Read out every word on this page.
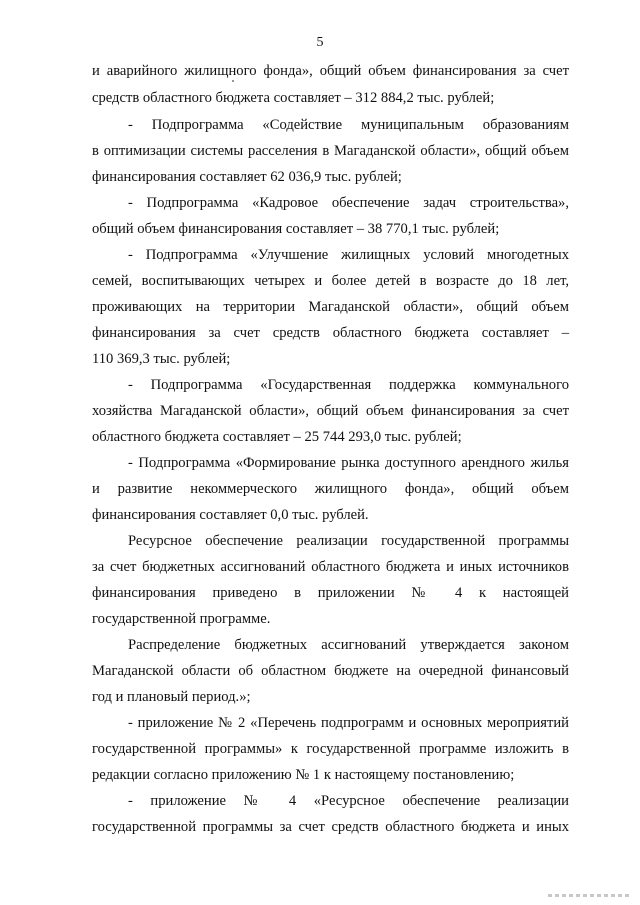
5
и аварийного жилищного фонда», общий объем финансирования за счет
средств областного бюджета составляет – 312 884,2 тыс. рублей;
- Подпрограмма «Содействие муниципальным образованиям
в оптимизации системы расселения в Магаданской области», общий объем
финансирования составляет 62 036,9 тыс. рублей;
- Подпрограмма «Кадровое обеспечение задач строительства»,
общий объем финансирования составляет – 38 770,1 тыс. рублей;
- Подпрограмма «Улучшение жилищных условий многодетных
семей, воспитывающих четырех и более детей в возрасте до 18 лет,
проживающих на территории Магаданской области», общий объем
финансирования за счет средств областного бюджета составляет –
110 369,3 тыс. рублей;
- Подпрограмма «Государственная поддержка коммунального
хозяйства Магаданской области», общий объем финансирования за счет
областного бюджета составляет – 25 744 293,0 тыс. рублей;
- Подпрограмма «Формирование рынка доступного арендного жилья
и развитие некоммерческого жилищного фонда», общий объем
финансирования составляет 0,0 тыс. рублей.
Ресурсное обеспечение реализации государственной программы
за счет бюджетных ассигнований областного бюджета и иных источников
финансирования приведено в приложении № 4 к настоящей
государственной программе.
Распределение бюджетных ассигнований утверждается законом
Магаданской области об областном бюджете на очередной финансовый
год и плановый период.»;
- приложение № 2 «Перечень подпрограмм и основных мероприятий
государственной программы» к государственной программе изложить в
редакции согласно приложению № 1 к настоящему постановлению;
- приложение № 4 «Ресурсное обеспечение реализации
государственной программы за счет средств областного бюджета и иных
